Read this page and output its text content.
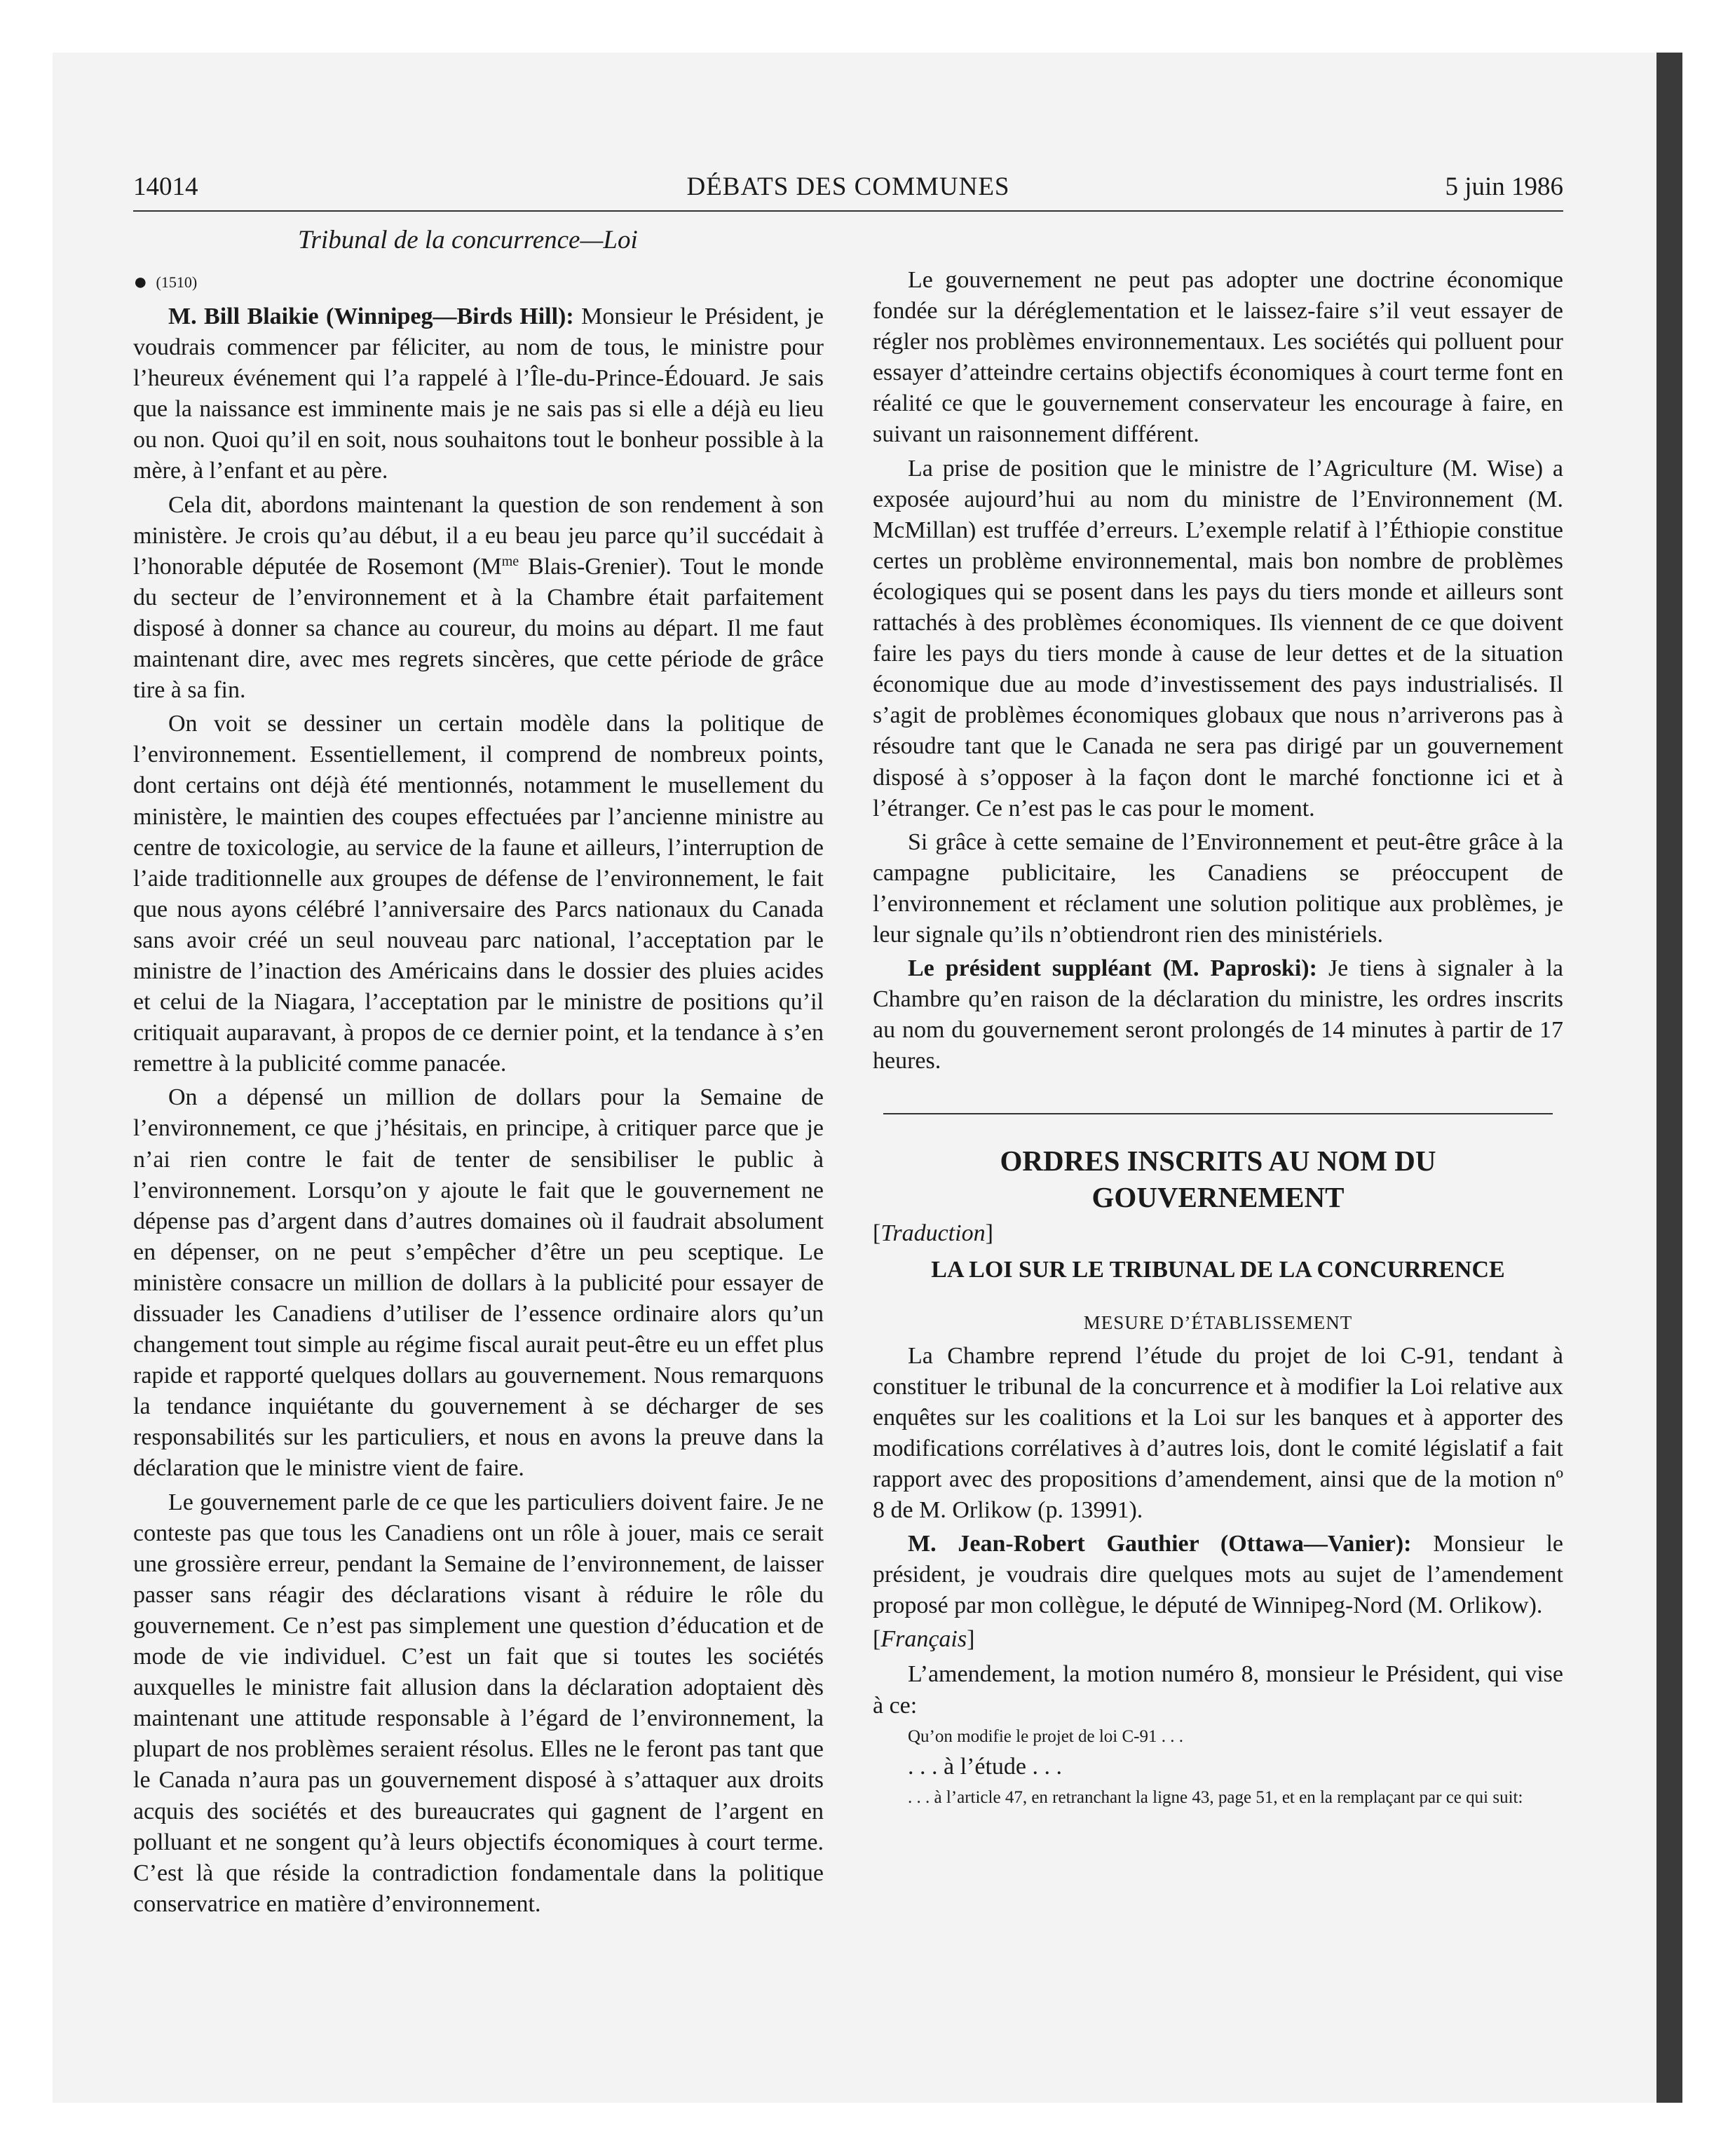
14014	DÉBATS DES COMMUNES	5 juin 1986
Tribunal de la concurrence—Loi
● (1510)

M. Bill Blaikie (Winnipeg—Birds Hill): Monsieur le Président, je voudrais commencer par féliciter, au nom de tous, le ministre pour l’heureux événement qui l’a rappelé à l’Île-du-Prince-Édouard. Je sais que la naissance est imminente mais je ne sais pas si elle a déjà eu lieu ou non. Quoi qu’il en soit, nous souhaitons tout le bonheur possible à la mère, à l’enfant et au père.

Cela dit, abordons maintenant la question de son rendement à son ministère. Je crois qu’au début, il a eu beau jeu parce qu’il succédait à l’honorable députée de Rosemont ($M^{me}$ Blais-Grenier). Tout le monde du secteur de l’environnement et à la Chambre était parfaitement disposé à donner sa chance au coureur, du moins au départ. Il me faut maintenant dire, avec mes regrets sincères, que cette période de grâce tire à sa fin.

On voit se dessiner un certain modèle dans la politique de l’environnement. Essentiellement, il comprend de nombreux points, dont certains ont déjà été mentionnés, notamment le musellement du ministère, le maintien des coupes effectuées par l’ancienne ministre au centre de toxicologie, au service de la faune et ailleurs, l’interruption de l’aide traditionnelle aux groupes de défense de l’environnement, le fait que nous ayons célébré l’anniversaire des Parcs nationaux du Canada sans avoir créé un seul nouveau parc national, l’acceptation par le ministre de l’inaction des Américains dans le dossier des pluies acides et celui de la Niagara, l’acceptation par le ministre de positions qu’il critiquait auparavant, à propos de ce dernier point, et la tendance à s’en remettre à la publicité comme panacée.

On a dépensé un million de dollars pour la Semaine de l’environnement, ce que j’hésitais, en principe, à critiquer parce que je n’ai rien contre le fait de tenter de sensibiliser le public à l’environnement. Lorsqu’on y ajoute le fait que le gouvernement ne dépense pas d’argent dans d’autres domaines où il faudrait absolument en dépenser, on ne peut s’empêcher d’être un peu sceptique. Le ministère consacre un million de dollars à la publicité pour essayer de dissuader les Canadiens d’utiliser de l’essence ordinaire alors qu’un changement tout simple au régime fiscal aurait peut-être eu un effet plus rapide et rapporté quelques dollars au gouvernement. Nous remarquons la tendance inquiétante du gouvernement à se décharger de ses responsabilités sur les particuliers, et nous en avons la preuve dans la déclaration que le ministre vient de faire.

Le gouvernement parle de ce que les particuliers doivent faire. Je ne conteste pas que tous les Canadiens ont un rôle à jouer, mais ce serait une grossière erreur, pendant la Semaine de l’environnement, de laisser passer sans réagir des déclarations visant à réduire le rôle du gouvernement. Ce n’est pas simplement une question d’éducation et de mode de vie individuel. C’est un fait que si toutes les sociétés auxquelles le ministre fait allusion dans la déclaration adoptaient dès maintenant une attitude responsable à l’égard de l’environnement, la plupart de nos problèmes seraient résolus. Elles ne le feront pas tant que le Canada n’aura pas un gouvernement disposé à s’attaquer aux droits acquis des sociétés et des bureaucrates qui gagnent de l’argent en polluant et ne songent qu’à leurs objectifs économiques à court terme. C’est là que réside la contradiction fondamentale dans la politique conservatrice en matière d’environnement.

Le gouvernement ne peut pas adopter une doctrine économique fondée sur la déréglementation et le laissez-faire s’il veut essayer de régler nos problèmes environnementaux. Les sociétés qui polluent pour essayer d’atteindre certains objectifs économiques à court terme font en réalité ce que le gouvernement conservateur les encourage à faire, en suivant un raisonnement différent.

La prise de position que le ministre de l’Agriculture (M. Wise) a exposée aujourd’hui au nom du ministre de l’Environnement (M. McMillan) est truffée d’erreurs. L’exemple relatif à l’Éthiopie constitue certes un problème environnemental, mais bon nombre de problèmes écologiques qui se posent dans les pays du tiers monde et ailleurs sont rattachés à des problèmes économiques. Ils viennent de ce que doivent faire les pays du tiers monde à cause de leur dettes et de la situation économique due au mode d’investissement des pays industrialisés. Il s’agit de problèmes économiques globaux que nous n’arriverons pas à résoudre tant que le Canada ne sera pas dirigé par un gouvernement disposé à s’opposer à la façon dont le marché fonctionne ici et à l’étranger. Ce n’est pas le cas pour le moment.

Si grâce à cette semaine de l’Environnement et peut-être grâce à la campagne publicitaire, les Canadiens se préoccupent de l’environnement et réclament une solution politique aux problèmes, je leur signale qu’ils n’obtiendront rien des ministériels.

Le président suppléant (M. Paproski): Je tiens à signaler à la Chambre qu’en raison de la déclaration du ministre, les ordres inscrits au nom du gouvernement seront prolongés de 14 minutes à partir de 17 heures.

ORDRES INSCRITS AU NOM DU GOUVERNEMENT

[Traduction]

LA LOI SUR LE TRIBUNAL DE LA CONCURRENCE
MESURE D’ÉTABLISSEMENT

La Chambre reprend l’étude du projet de loi C-91, tendant à constituer le tribunal de la concurrence et à modifier la Loi relative aux enquêtes sur les coalitions et la Loi sur les banques et à apporter des modifications corrélatives à d’autres lois, dont le comité législatif a fait rapport avec des propositions d’amendement, ainsi que de la motion nº 8 de M. Orlikow (p. 13991).

M. Jean-Robert Gauthier (Ottawa—Vanier): Monsieur le président, je voudrais dire quelques mots au sujet de l’amendement proposé par mon collègue, le député de Winnipeg-Nord (M. Orlikow).

[Français]

L’amendement, la motion numéro 8, monsieur le Président, qui vise à ce:

Qu’on modifie le projet de loi C-91 . . .

. . . à l’étude . . .

. . . à l’article 47, en retranchant la ligne 43, page 51, et en la remplaçant par ce qui suit:
